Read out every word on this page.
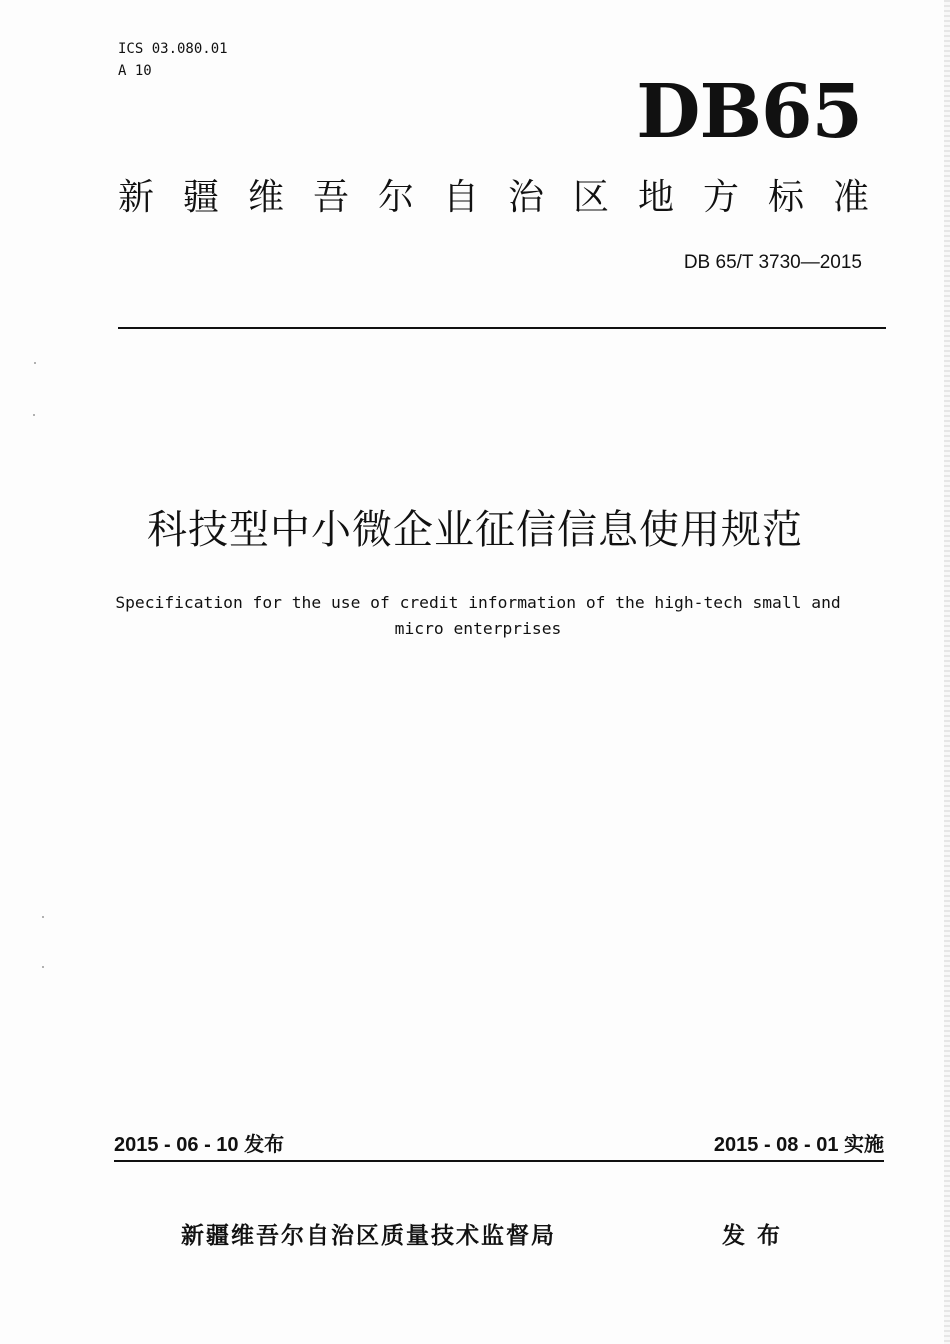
ICS 03.080.01
A 10	DB65
新疆维吾尔自治区地方标准
DB 65/T 3730—2015
科技型中小微企业征信信息使用规范
Specification for the use of credit information of the high-tech small and micro enterprises
2015 - 06 - 10 发布	2015 - 08 - 01 实施
新疆维吾尔自治区质量技术监督局	发布
